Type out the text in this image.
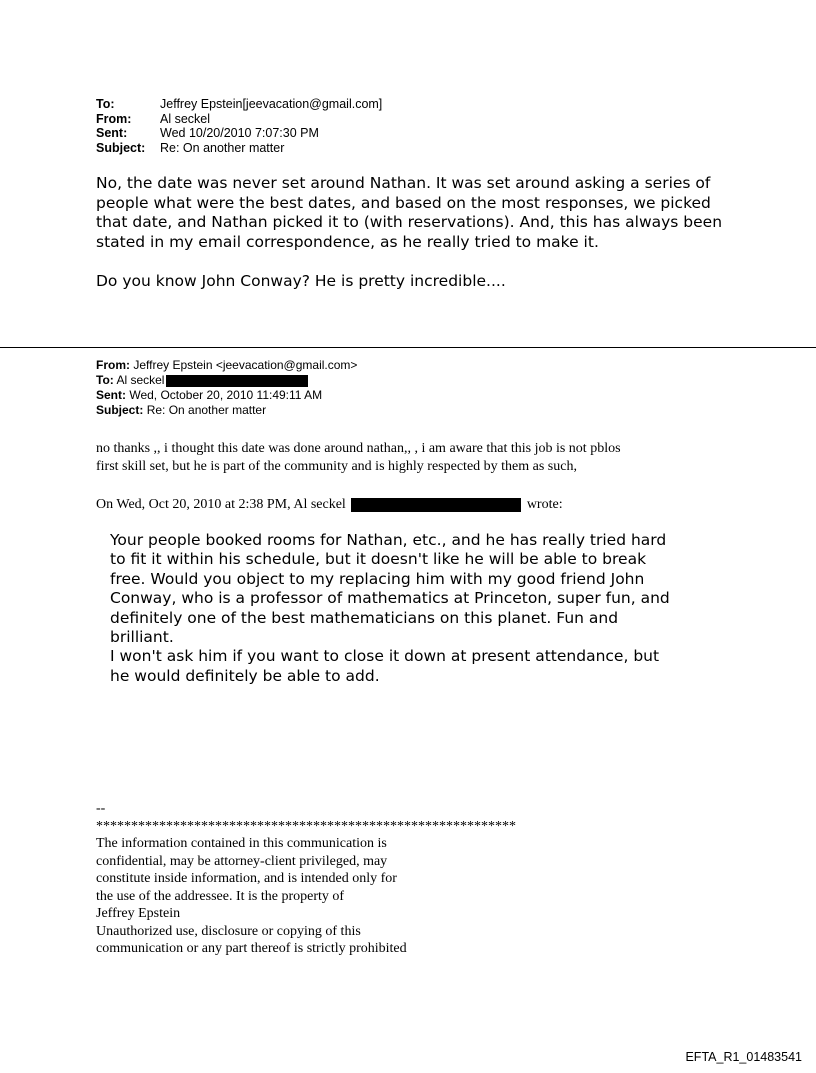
To:	Jeffrey Epstein[jeevacation@gmail.com]
From:	Al seckel
Sent:	Wed 10/20/2010 7:07:30 PM
Subject:	Re: On another matter

No, the date was never set around Nathan. It was set around asking a series of people what were the best dates, and based on the most responses, we picked that date, and Nathan picked it to (with reservations). And, this has always been stated in my email correspondence, as he really tried to make it.

Do you know John Conway? He is pretty incredible....

From: Jeffrey Epstein <jeevacation@gmail.com>
To: Al seckel
Sent: Wed, October 20, 2010 11:49:11 AM
Subject: Re: On another matter
no thanks ,, i thought this date was done around nathan,, , i am aware that this job is not pblos
first skill set, but he is part of the community and is highly respected by them as such,
On Wed, Oct 20, 2010 at 2:38 PM, Al seckel	wrote:

Your people booked rooms for Nathan, etc., and he has really tried hard

to fit it within his schedule, but it doesn't like he will be able to break

free. Would you object to my replacing him with my good friend John

Conway, who is a professor of mathematics at Princeton, super fun, and

definitely one of the best mathematicians on this planet. Fun and

brilliant.

I won't ask him if you want to close it down at present attendance, but

he would definitely be able to add.

--
************************************************************
The information contained in this communication is
confidential, may be attorney-client privileged, may
constitute inside information, and is intended only for
the use of the addressee. It is the property of
Jeffrey Epstein
Unauthorized use, disclosure or copying of this
communication or any part thereof is strictly prohibited
EFTA_R1_01483541
